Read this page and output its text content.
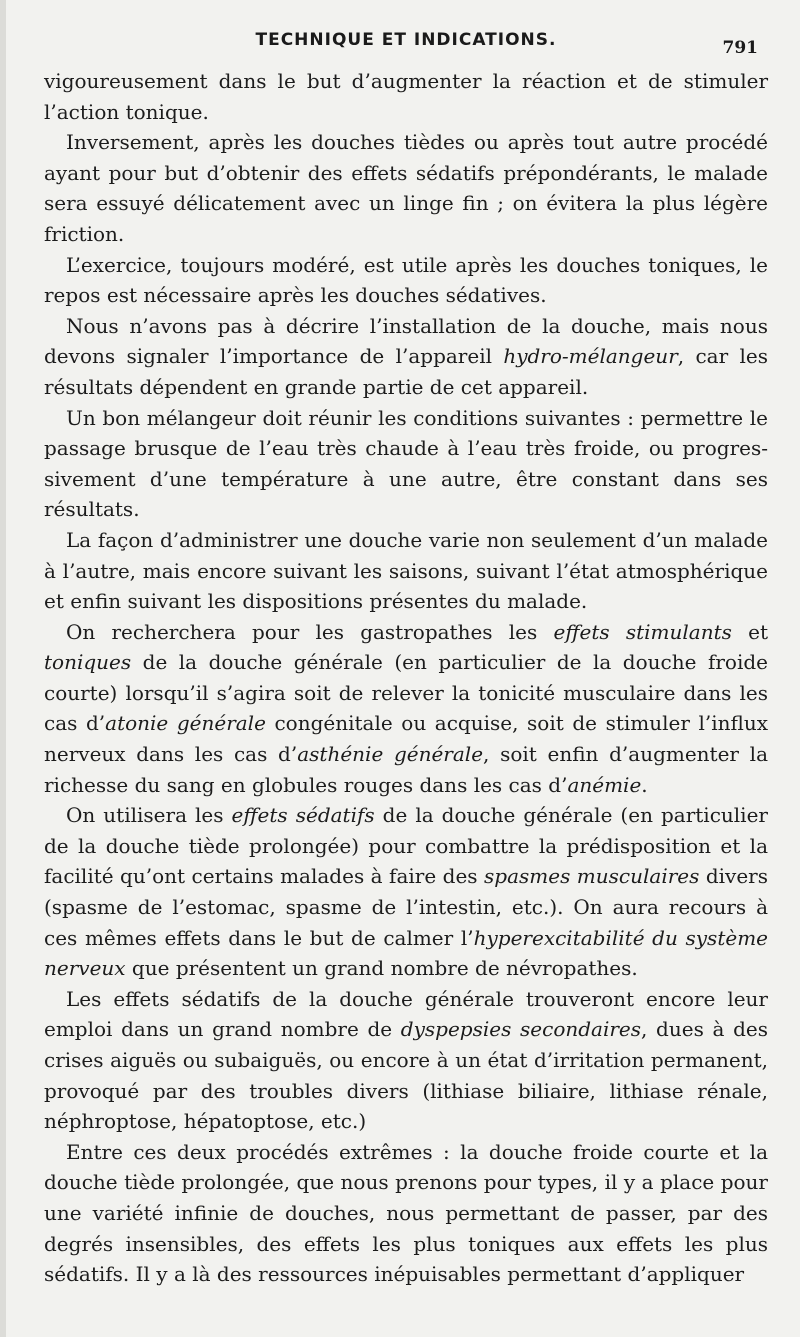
TECHNIQUE ET INDICATIONS.	791

vigoureusement dans le but d’augmenter la réaction et de stimuler l’action tonique.

Inversement, après les douches tièdes ou après tout autre procédé ayant pour but d’obtenir des effets sédatifs prépondérants, le malade sera essuyé délicatement avec un linge fin ; on évitera la plus légère friction.

L’exercice, toujours modéré, est utile après les douches toniques, le repos est nécessaire après les douches sédatives.

Nous n’avons pas à décrire l’installation de la douche, mais nous devons signaler l’importance de l’appareil hydro-mélangeur, car les résultats dépendent en grande partie de cet appareil.

Un bon mélangeur doit réunir les conditions suivantes : permettre le passage brusque de l’eau très chaude à l’eau très froide, ou progres-sivement d’une température à une autre, être constant dans ses résultats.

La façon d’administrer une douche varie non seulement d’un malade à l’autre, mais encore suivant les saisons, suivant l’état atmosphérique et enfin suivant les dispositions présentes du malade.

On recherchera pour les gastropathes les effets stimulants et toniques de la douche générale (en particulier de la douche froide courte) lorsqu’il s’agira soit de relever la tonicité musculaire dans les cas d’atonie générale congénitale ou acquise, soit de stimuler l’influx nerveux dans les cas d’asthénie générale, soit enfin d’augmenter la richesse du sang en globules rouges dans les cas d’anémie.

On utilisera les effets sédatifs de la douche générale (en particulier de la douche tiède prolongée) pour combattre la prédisposition et la facilité qu’ont certains malades à faire des spasmes musculaires divers (spasme de l’estomac, spasme de l’intestin, etc.). On aura recours à ces mêmes effets dans le but de calmer l’hyperexcitabilité du système nerveux que présentent un grand nombre de névropathes.

Les effets sédatifs de la douche générale trouveront encore leur emploi dans un grand nombre de dyspepsies secondaires, dues à des crises aiguës ou subaiguës, ou encore à un état d’irritation permanent, provoqué par des troubles divers (lithiase biliaire, lithiase rénale, néphroptose, hépatoptose, etc.)

Entre ces deux procédés extrêmes : la douche froide courte et la douche tiède prolongée, que nous prenons pour types, il y a place pour une variété infinie de douches, nous permettant de passer, par des degrés insensibles, des effets les plus toniques aux effets les plus sédatifs. Il y a là des ressources inépuisables permettant d’appliquer
